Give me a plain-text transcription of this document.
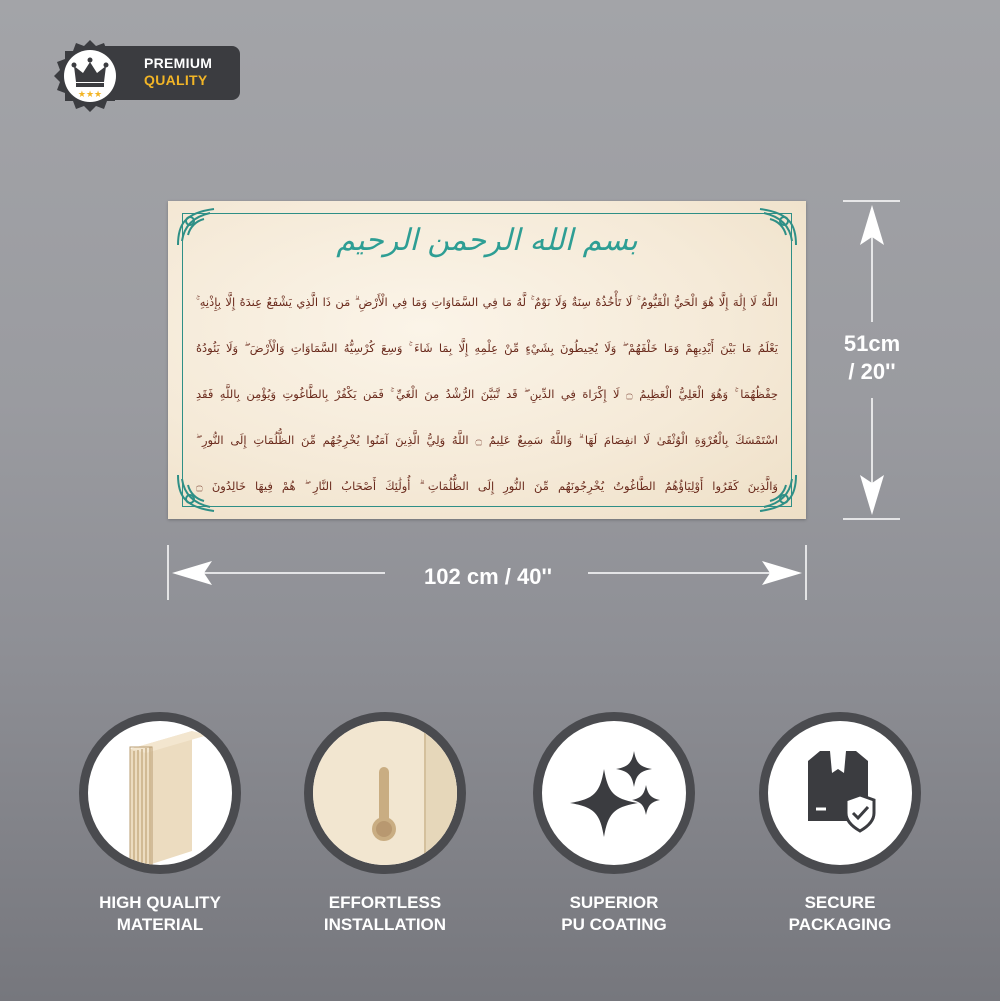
★★★
PREMIUM
QUALITY
51cm
/ 20''
102 cm / 40''
بسم الله الرحمن الرحيم
اللَّهُ لَا إِلَٰهَ إِلَّا هُوَ الْحَيُّ الْقَيُّومُ ۚ لَا تَأْخُذُهُ سِنَةٌ وَلَا نَوْمٌ ۚ لَّهُ مَا فِي السَّمَاوَاتِ وَمَا فِي الْأَرْضِ ۗ مَن ذَا الَّذِي يَشْفَعُ عِندَهُ إِلَّا بِإِذْنِهِ ۚ
يَعْلَمُ مَا بَيْنَ أَيْدِيهِمْ وَمَا خَلْفَهُمْ ۖ وَلَا يُحِيطُونَ بِشَيْءٍ مِّنْ عِلْمِهِ إِلَّا بِمَا شَاءَ ۚ وَسِعَ كُرْسِيُّهُ السَّمَاوَاتِ وَالْأَرْضَ ۖ وَلَا يَئُودُهُ
حِفْظُهُمَا ۚ وَهُوَ الْعَلِيُّ الْعَظِيمُ ۝ لَا إِكْرَاهَ فِي الدِّينِ ۖ قَد تَّبَيَّنَ الرُّشْدُ مِنَ الْغَيِّ ۚ فَمَن يَكْفُرْ بِالطَّاغُوتِ وَيُؤْمِن بِاللَّهِ فَقَدِ
اسْتَمْسَكَ بِالْعُرْوَةِ الْوُثْقَىٰ لَا انفِصَامَ لَهَا ۗ وَاللَّهُ سَمِيعٌ عَلِيمٌ ۝ اللَّهُ وَلِيُّ الَّذِينَ آمَنُوا يُخْرِجُهُم مِّنَ الظُّلُمَاتِ إِلَى النُّورِ ۖ
وَالَّذِينَ كَفَرُوا أَوْلِيَاؤُهُمُ الطَّاغُوتُ يُخْرِجُونَهُم مِّنَ النُّورِ إِلَى الظُّلُمَاتِ ۗ أُولَٰئِكَ أَصْحَابُ النَّارِ ۖ هُمْ فِيهَا خَالِدُونَ ۝
HIGH QUALITY
MATERIAL
EFFORTLESS
INSTALLATION
SUPERIOR
PU COATING
SECURE
PACKAGING
